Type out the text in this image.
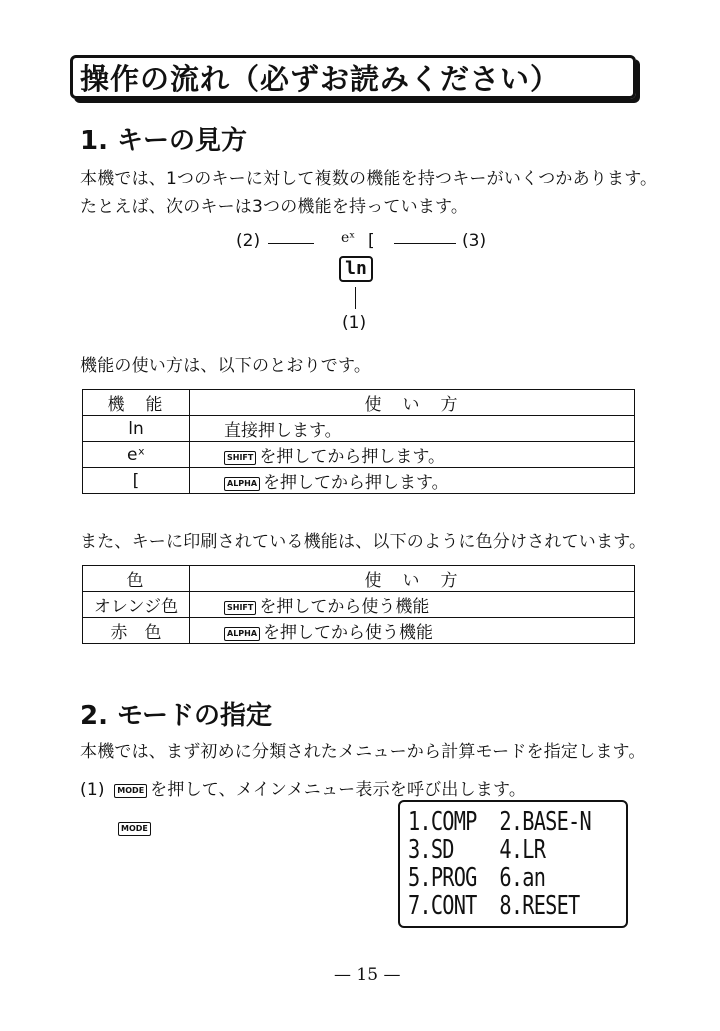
操作の流れ（必ずお読みください）
1. キーの見方
本機では、1つのキーに対して複数の機能を持つキーがいくつかあります。
たとえば、次のキーは3つの機能を持っています。
(2)	eˣ [	(3)
ln
(1)
機能の使い方は、以下のとおりです。
機　能	使　い　方
ln	直接押します。
eˣ	SHIFT を押してから押します。
[	ALPHA を押してから押します。
また、キーに印刷されている機能は、以下のように色分けされています。
色	使　い　方
オレンジ色	SHIFT を押してから使う機能
赤　色	ALPHA を押してから使う機能
2. モードの指定
本機では、まず初めに分類されたメニューから計算モードを指定します。
(1) MODE を押して、メインメニュー表示を呼び出します。
MODE	1.COMP  2.BASE-N
3.SD    4.LR
5.PROG  6.an
7.CONT  8.RESET
— 15 —
